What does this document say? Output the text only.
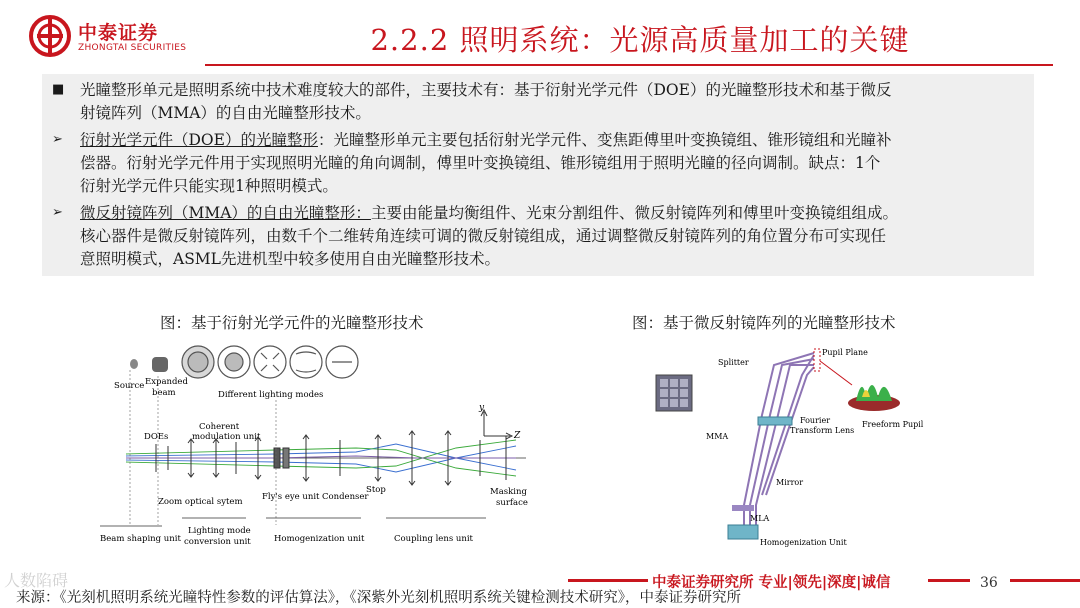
中泰证券
ZHONGTAI SECURITIES	2.2.2 照明系统：光源高质量加工的关键
■ 光瞳整形单元是照明系统中技术难度较大的部件，主要技术有：基于衍射光学元件（DOE）的光瞳整形技术和基于微反
射镜阵列（MMA）的自由光瞳整形技术。
➢ 衍射光学元件（DOE）的光瞳整形：光瞳整形单元主要包括衍射光学元件、变焦距傅里叶变换镜组、锥形镜组和光瞳补
偿器。衍射光学元件用于实现照明光瞳的角向调制，傅里叶变换镜组、锥形镜组用于照明光瞳的径向调制。缺点：1个
衍射光学元件只能实现1种照明模式。
➢ 微反射镜阵列（MMA）的自由光瞳整形：主要由能量均衡组件、光束分割组件、微反射镜阵列和傅里叶变换镜组组成。
核心器件是微反射镜阵列，由数千个二维转角连续可调的微反射镜组成，通过调整微反射镜阵列的角位置分布可实现任
意照明模式，ASML先进机型中较多使用自由光瞳整形技术。
图：基于衍射光学元件的光瞳整形技术	图：基于微反射镜阵列的光瞳整形技术
Source Expanded
beam	Different lighting modes
Coherent
modulation unit
DOEs
y
Z
Zoom optical sytem Fly's eye unit Condenser
Stop	Masking
surface
Beam shaping unit
Lighting mode
conversion unit	Homogenization unit	Coupling lens unit
Splitter
Pupil Plane
Fourier
Transform Lens
Freeform Pupil
MMA
Mirror
MLA
Homogenization Unit
人数陷碍
来源：《光刻机照明系统光瞳特性参数的评估算法》，《深紫外光刻机照明系统关键检测技术研究》，中泰证券研究所
中泰证券研究所 专业|领先|深度|诚信	36
